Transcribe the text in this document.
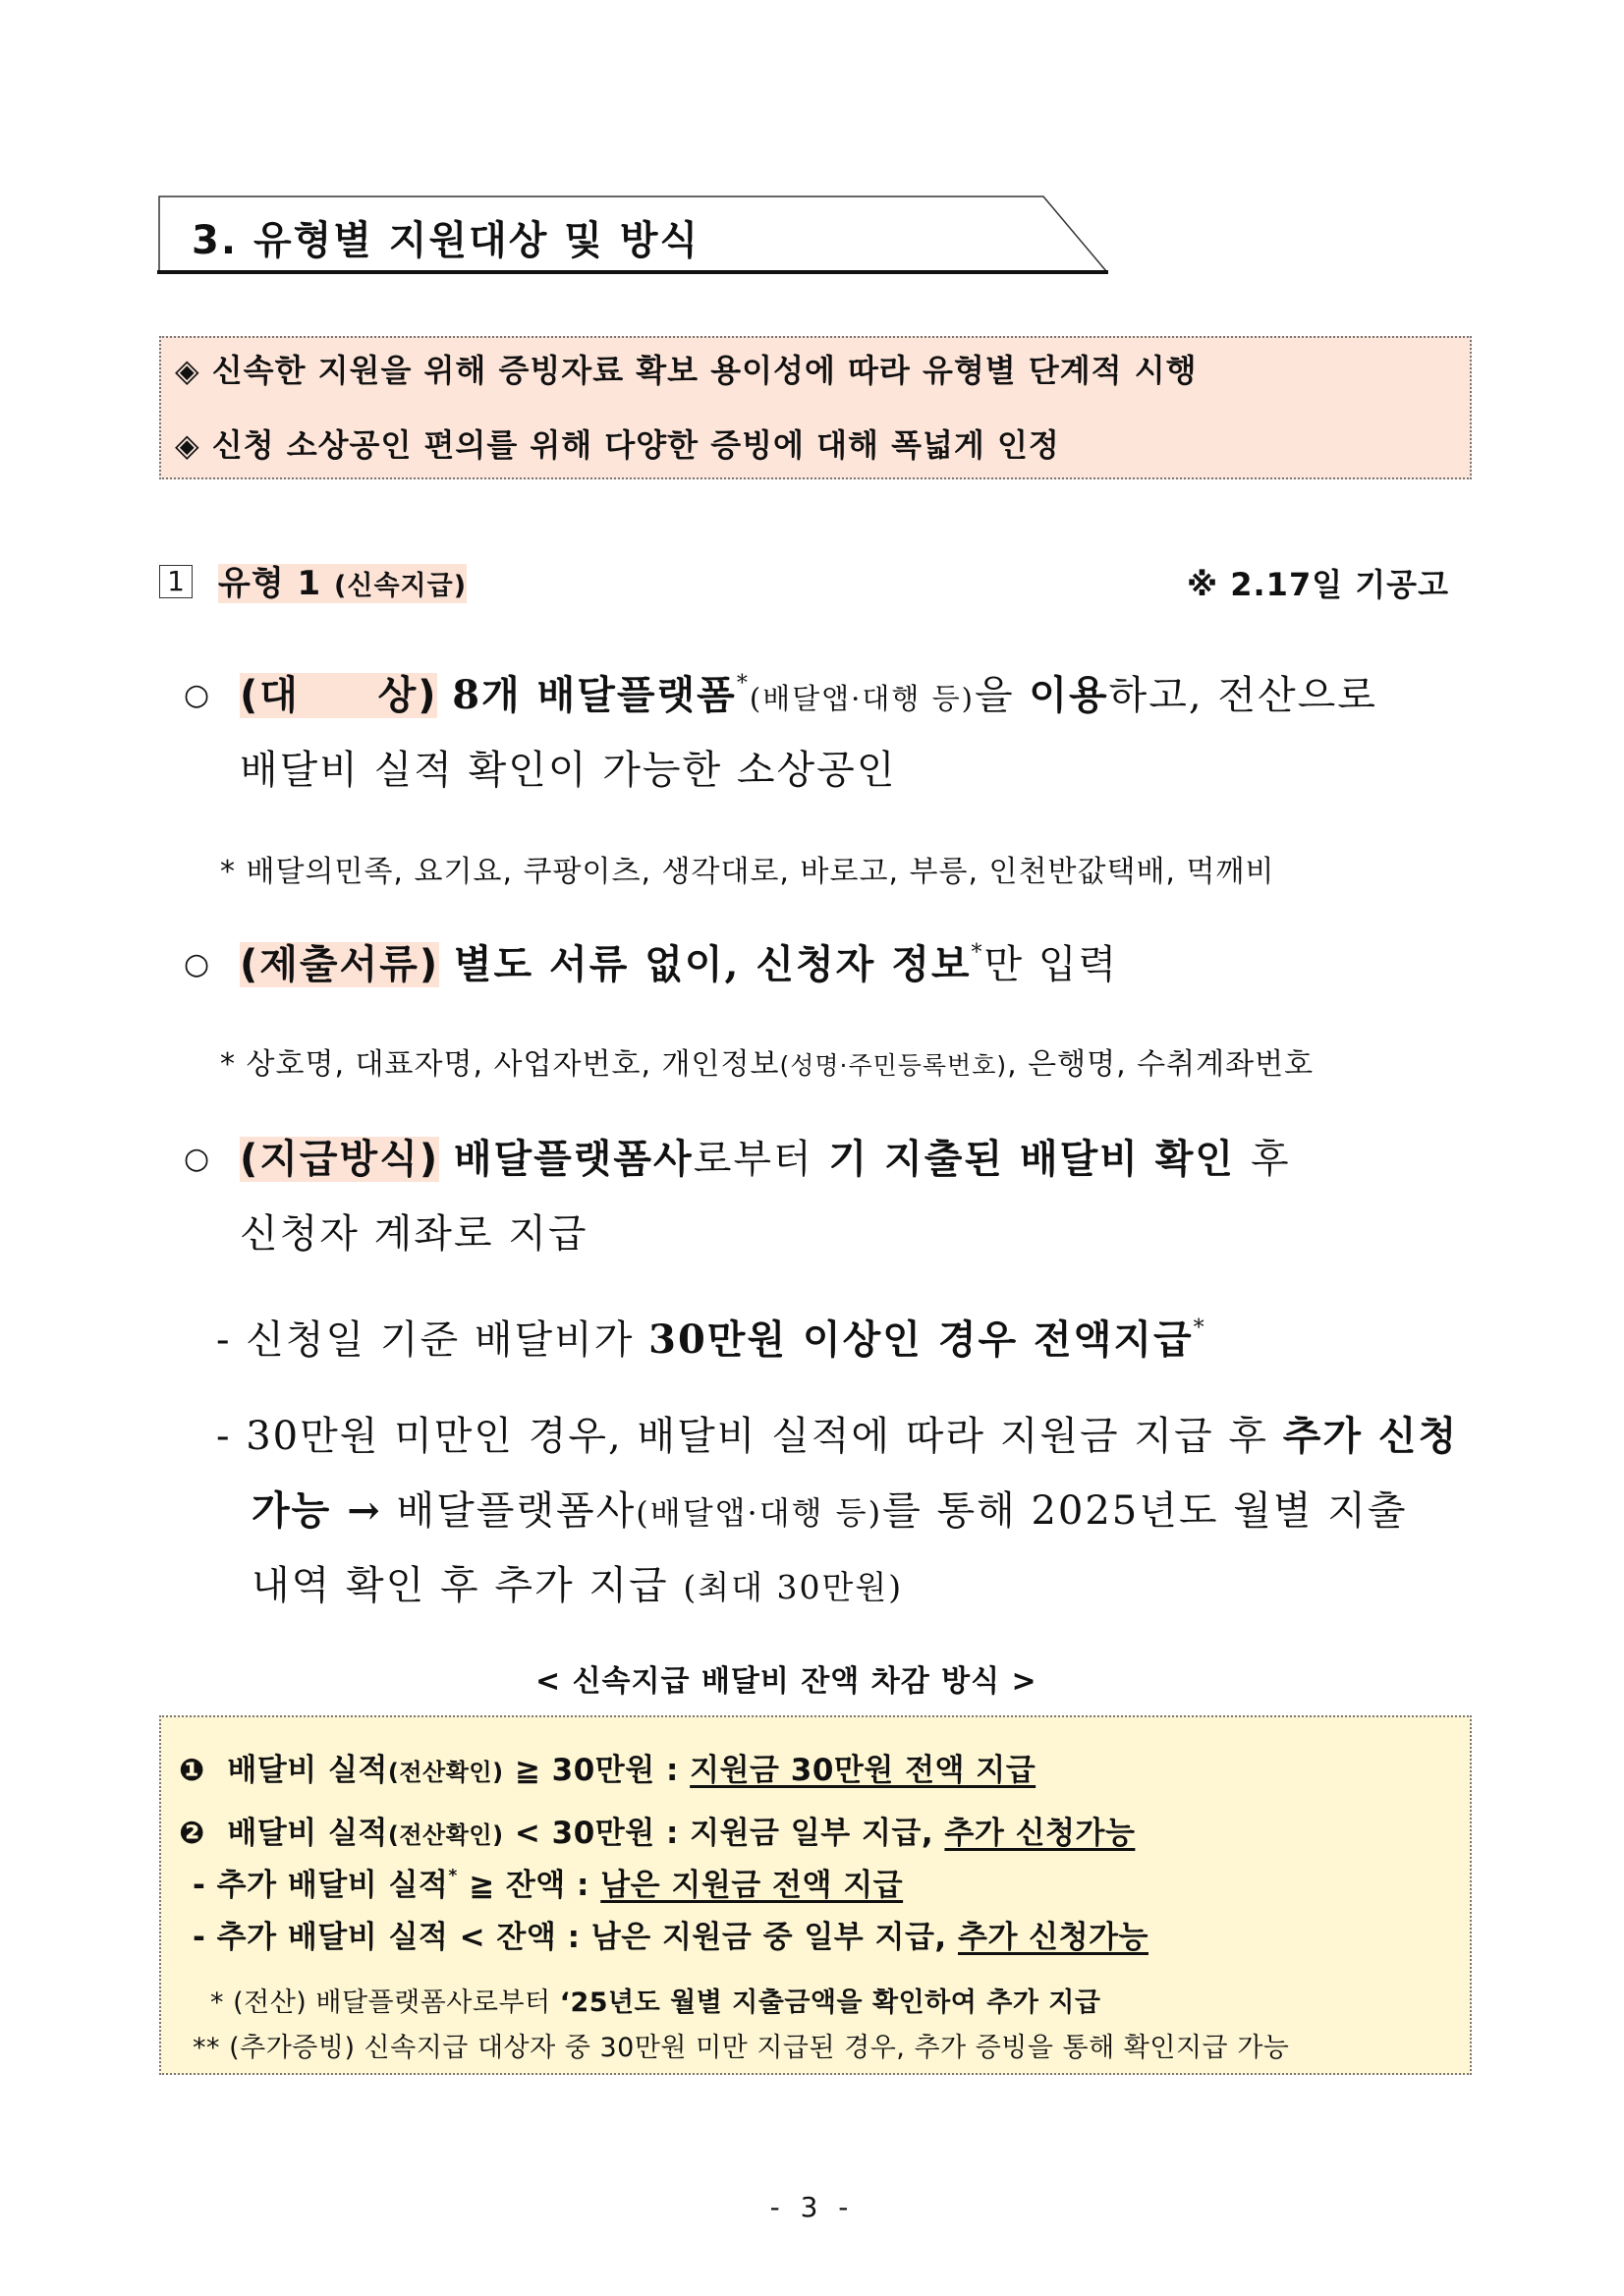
3. 유형별 지원대상 및 방식
◈ 신속한 지원을 위해 증빙자료 확보 용이성에 따라 유형별 단계적 시행
◈ 신청 소상공인 편의를 위해 다양한 증빙에 대해 폭넓게 인정
1 유형 1 (신속지급)	※ 2.17일 기공고
○ (대 상) 8개 배달플랫폼*(배달앱·대행 등)을 이용하고, 전산으로
배달비 실적 확인이 가능한 소상공인
* 배달의민족, 요기요, 쿠팡이츠, 생각대로, 바로고, 부릉, 인천반값택배, 먹깨비
○ (제출서류) 별도 서류 없이, 신청자 정보*만 입력
* 상호명, 대표자명, 사업자번호, 개인정보(성명·주민등록번호), 은행명, 수취계좌번호
○ (지급방식) 배달플랫폼사로부터 기 지출된 배달비 확인 후
신청자 계좌로 지급
- 신청일 기준 배달비가 30만원 이상인 경우 전액지급*
- 30만원 미만인 경우, 배달비 실적에 따라 지원금 지급 후 추가 신청
가능 → 배달플랫폼사(배달앱·대행 등)를 통해 2025년도 월별 지출
내역 확인 후 추가 지급 (최대 30만원)
< 신속지급 배달비 잔액 차감 방식 >
❶ 배달비 실적(전산확인) ≧ 30만원 : 지원금 30만원 전액 지급
❷ 배달비 실적(전산확인) < 30만원 : 지원금 일부 지급, 추가 신청가능
- 추가 배달비 실적* ≧ 잔액 : 남은 지원금 전액 지급
- 추가 배달비 실적 < 잔액 : 남은 지원금 중 일부 지급, 추가 신청가능
* (전산) 배달플랫폼사로부터 ‘25년도 월별 지출금액을 확인하여 추가 지급
** (추가증빙) 신속지급 대상자 중 30만원 미만 지급된 경우, 추가 증빙을 통해 확인지급 가능
- 3 -
